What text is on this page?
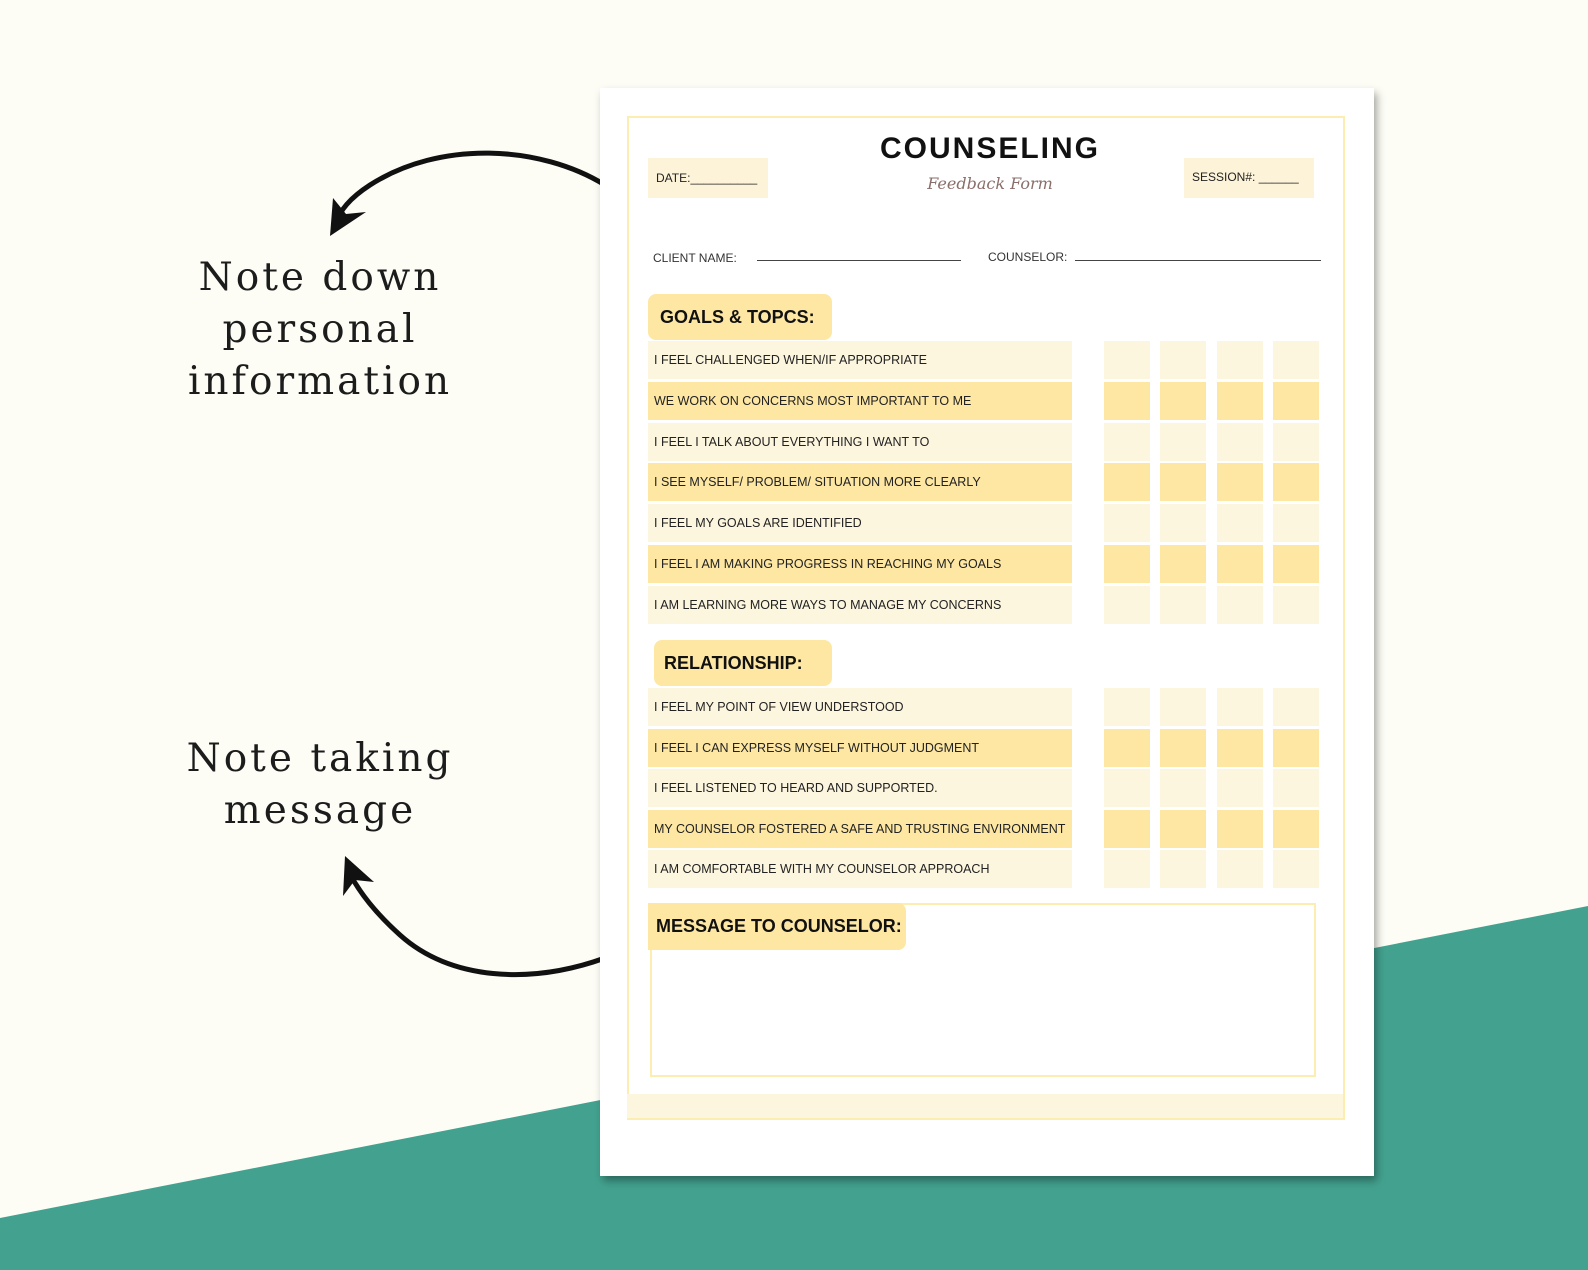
Note down
personal
information
Note taking
message
COUNSELING
Feedback Form
DATE:__________	SESSION#: ______
CLIENT NAME:	COUNSELOR:
GOALS & TOPCS:
I FEEL CHALLENGED WHEN/IF APPROPRIATE
WE WORK ON CONCERNS MOST IMPORTANT TO ME
I FEEL I TALK ABOUT EVERYTHING I WANT TO
I SEE MYSELF/ PROBLEM/ SITUATION MORE CLEARLY
I FEEL MY GOALS ARE IDENTIFIED
I FEEL I AM MAKING PROGRESS IN REACHING MY GOALS
I AM LEARNING MORE WAYS TO MANAGE MY CONCERNS
RELATIONSHIP:
I FEEL MY POINT OF VIEW UNDERSTOOD
I FEEL I CAN EXPRESS MYSELF WITHOUT JUDGMENT
I FEEL LISTENED TO HEARD AND SUPPORTED.
MY COUNSELOR FOSTERED A SAFE AND TRUSTING ENVIRONMENT
I AM COMFORTABLE WITH MY COUNSELOR APPROACH
MESSAGE TO COUNSELOR:
